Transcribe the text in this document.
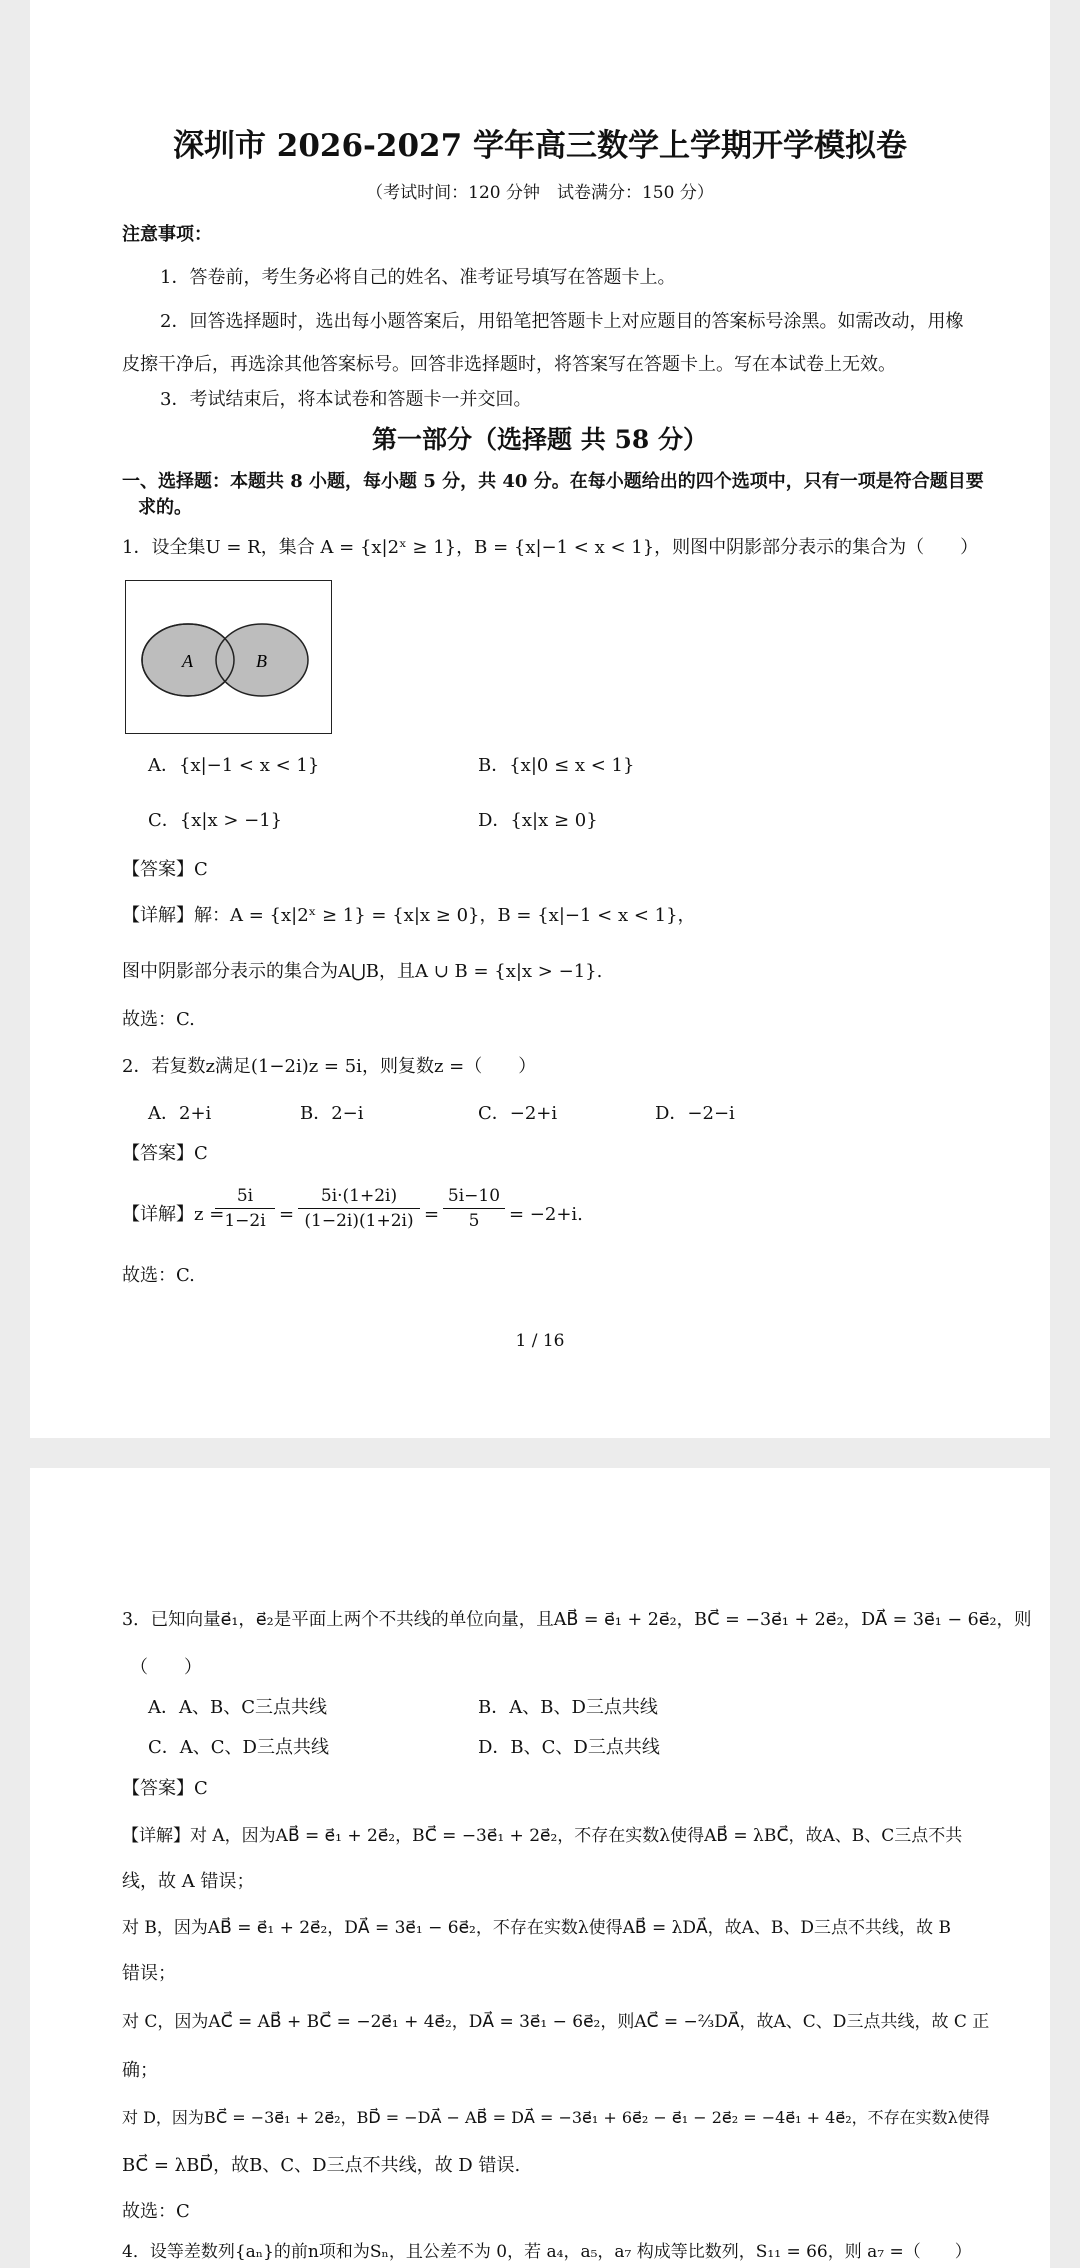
深圳市 2026-2027 学年高三数学上学期开学模拟卷
（考试时间：120 分钟　试卷满分：150 分）
注意事项：
1．答卷前，考生务必将自己的姓名、准考证号填写在答题卡上。
2．回答选择题时，选出每小题答案后，用铅笔把答题卡上对应题目的答案标号涂黑。如需改动，用橡
皮擦干净后，再选涂其他答案标号。回答非选择题时，将答案写在答题卡上。写在本试卷上无效。
3．考试结束后，将本试卷和答题卡一并交回。
第一部分（选择题 共 58 分）
一、选择题：本题共 8 小题，每小题 5 分，共 40 分。在每小题给出的四个选项中，只有一项是符合题目要
求的。
1．设全集U = R，集合 A = {x|2ˣ ≥ 1}，B = {x|−1 < x < 1}，则图中阴影部分表示的集合为（　　）
A	B
A．{x|−1 < x < 1}	B．{x|0 ≤ x < 1}
C．{x|x > −1}	D．{x|x ≥ 0}
【答案】C
【详解】解：A = {x|2ˣ ≥ 1} = {x|x ≥ 0}，B = {x|−1 < x < 1}，
图中阴影部分表示的集合为A⋃B，且A ∪ B = {x|x > −1}.
故选：C.
2．若复数z满足(1−2i)z = 5i，则复数z =（　　）
A．2+i	B．2−i	C．−2+i	D．−2−i
【答案】C
【详解】z =
5i
1−2i =
5i·(1+2i)
(1−2i)(1+2i) =
5i−10
5	= −2+i.
故选：C.
1 / 16
3．已知向量e⃗₁，e⃗₂是平面上两个不共线的单位向量，且AB⃗ = e⃗₁ + 2e⃗₂，BC⃗ = −3e⃗₁ + 2e⃗₂，DA⃗ = 3e⃗₁ − 6e⃗₂，则
（　　）
A．A、B、C三点共线	B．A、B、D三点共线
C．A、C、D三点共线	D．B、C、D三点共线
【答案】C
【详解】对 A，因为AB⃗ = e⃗₁ + 2e⃗₂，BC⃗ = −3e⃗₁ + 2e⃗₂，不存在实数λ使得AB⃗ = λBC⃗，故A、B、C三点不共
线，故 A 错误；
对 B，因为AB⃗ = e⃗₁ + 2e⃗₂，DA⃗ = 3e⃗₁ − 6e⃗₂，不存在实数λ使得AB⃗ = λDA⃗，故A、B、D三点不共线，故 B
错误；
对 C，因为AC⃗ = AB⃗ + BC⃗ = −2e⃗₁ + 4e⃗₂，DA⃗ = 3e⃗₁ − 6e⃗₂，则AC⃗ = −⅔DA⃗，故A、C、D三点共线，故 C 正
确；
对 D，因为BC⃗ = −3e⃗₁ + 2e⃗₂，BD⃗ = −DA⃗ − AB⃗ = DA⃗ = −3e⃗₁ + 6e⃗₂ − e⃗₁ − 2e⃗₂ = −4e⃗₁ + 4e⃗₂，不存在实数λ使得
BC⃗ = λBD⃗，故B、C、D三点不共线，故 D 错误.
故选：C
4．设等差数列{aₙ}的前n项和为Sₙ，且公差不为 0，若 a₄，a₅，a₇ 构成等比数列，S₁₁ = 66，则 a₇ =（　　）
